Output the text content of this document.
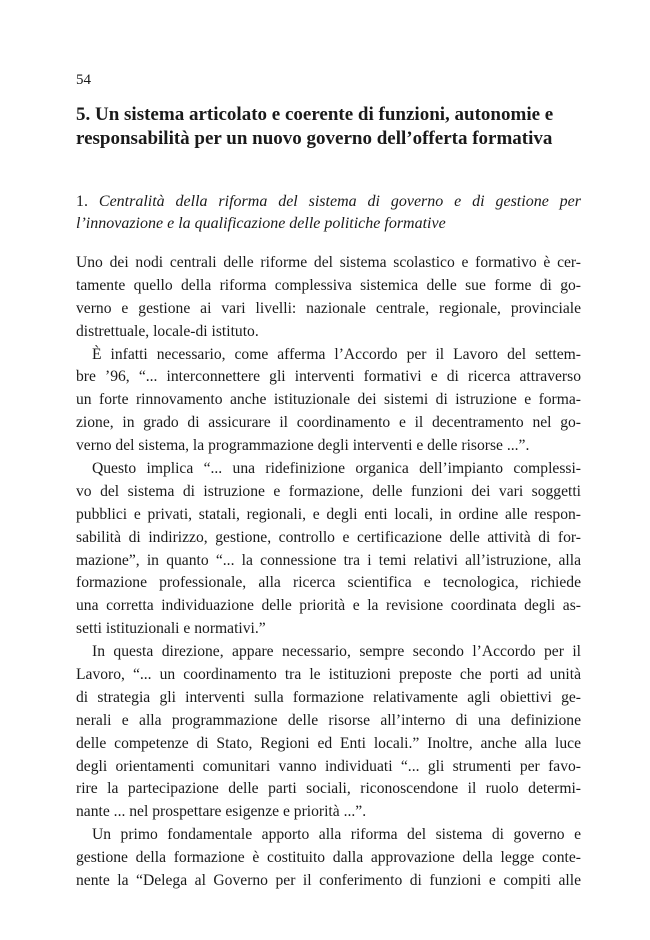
54
5. Un sistema articolato e coerente di funzioni, autonomie e
responsabilità per un nuovo governo dell’offerta formativa
1. Centralità della riforma del sistema di governo e di gestione per
l’innovazione e la qualificazione delle politiche formative
Uno dei nodi centrali delle riforme del sistema scolastico e formativo è cer-
tamente quello della riforma complessiva sistemica delle sue forme di go-
verno e gestione ai vari livelli: nazionale centrale, regionale, provinciale
distrettuale, locale-di istituto.
È infatti necessario, come afferma l’Accordo per il Lavoro del settem-
bre ’96, “... interconnettere gli interventi formativi e di ricerca attraverso
un forte rinnovamento anche istituzionale dei sistemi di istruzione e forma-
zione, in grado di assicurare il coordinamento e il decentramento nel go-
verno del sistema, la programmazione degli interventi e delle risorse ...”.
Questo implica “... una ridefinizione organica dell’impianto complessi-
vo del sistema di istruzione e formazione, delle funzioni dei vari soggetti
pubblici e privati, statali, regionali, e degli enti locali, in ordine alle respon-
sabilità di indirizzo, gestione, controllo e certificazione delle attività di for-
mazione”, in quanto “... la connessione tra i temi relativi all’istruzione, alla
formazione professionale, alla ricerca scientifica e tecnologica, richiede
una corretta individuazione delle priorità e la revisione coordinata degli as-
setti istituzionali e normativi.”
In questa direzione, appare necessario, sempre secondo l’Accordo per il
Lavoro, “... un coordinamento tra le istituzioni preposte che porti ad unità
di strategia gli interventi sulla formazione relativamente agli obiettivi ge-
nerali e alla programmazione delle risorse all’interno di una definizione
delle competenze di Stato, Regioni ed Enti locali.” Inoltre, anche alla luce
degli orientamenti comunitari vanno individuati “... gli strumenti per favo-
rire la partecipazione delle parti sociali, riconoscendone il ruolo determi-
nante ... nel prospettare esigenze e priorità ...”.
Un primo fondamentale apporto alla riforma del sistema di governo e
gestione della formazione è costituito dalla approvazione della legge conte-
nente la “Delega al Governo per il conferimento di funzioni e compiti alle
